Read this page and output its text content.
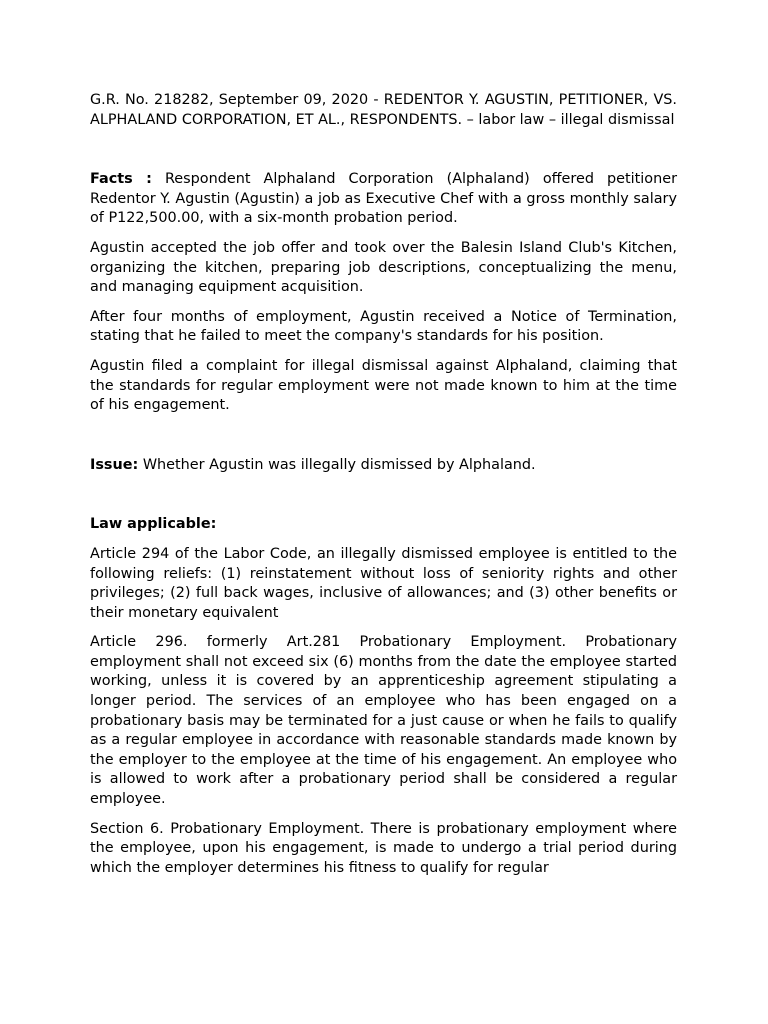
G.R. No. 218282, September 09, 2020 - REDENTOR Y. AGUSTIN, PETITIONER, VS. ALPHALAND CORPORATION, ET AL., RESPONDENTS. – labor law – illegal dismissal

Facts : Respondent Alphaland Corporation (Alphaland) offered petitioner Redentor Y. Agustin (Agustin) a job as Executive Chef with a gross monthly salary of P122,500.00, with a six-month probation period.

Agustin accepted the job offer and took over the Balesin Island Club's Kitchen, organizing the kitchen, preparing job descriptions, conceptualizing the menu, and managing equipment acquisition.

After four months of employment, Agustin received a Notice of Termination, stating that he failed to meet the company's standards for his position.

Agustin filed a complaint for illegal dismissal against Alphaland, claiming that the standards for regular employment were not made known to him at the time of his engagement.

Issue: Whether Agustin was illegally dismissed by Alphaland.

Law applicable:

Article 294 of the Labor Code, an illegally dismissed employee is entitled to the following reliefs: (1) reinstatement without loss of seniority rights and other privileges; (2) full back wages, inclusive of allowances; and (3) other benefits or their monetary equivalent

Article 296. formerly Art.281 Probationary Employment. Probationary employment shall not exceed six (6) months from the date the employee started working, unless it is covered by an apprenticeship agreement stipulating a longer period. The services of an employee who has been engaged on a probationary basis may be terminated for a just cause or when he fails to qualify as a regular employee in accordance with reasonable standards made known by the employer to the employee at the time of his engagement. An employee who is allowed to work after a probationary period shall be considered a regular employee.

Section 6. Probationary Employment. There is probationary employment where the employee, upon his engagement, is made to undergo a trial period during which the employer determines his fitness to qualify for regular
